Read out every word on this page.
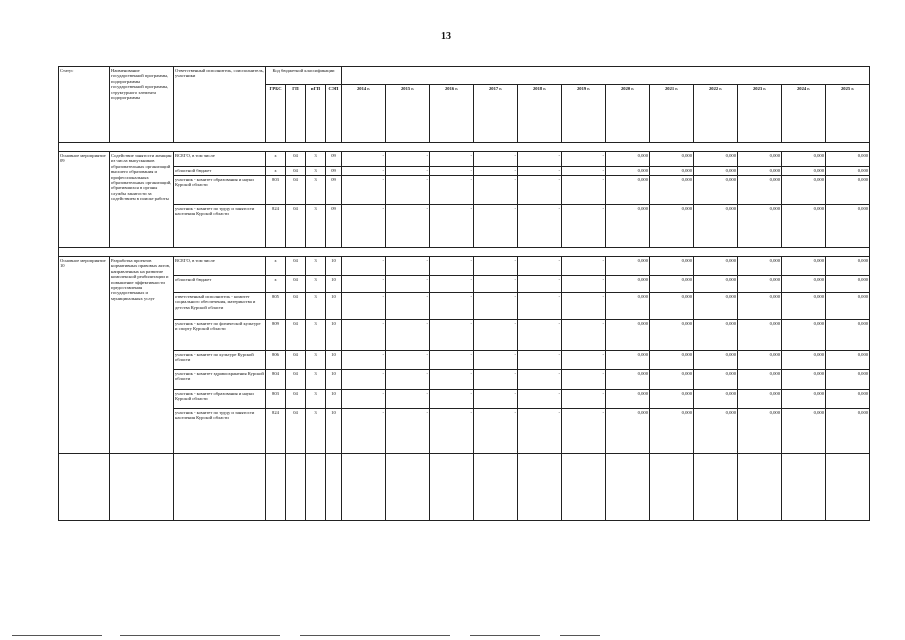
13
Статус	Наименование государственной программы, подпрограммы государственной программы, структурного элемента подпрограммы	Ответственный исполнитель, соисполнитель, участники	Код бюджетной классификации															
			ГРБС	ГП	пГП	СЭП	2014 г.	2015 г.	2016 г.	2017 г.	2018 г.	2019 г.	2020 г.	2021 г.	2022 г.	2023 г.	2024 г.	2025 г.

Основное мероприятие 09	Содействие занятости женщин из числа выпускников образовательных организаций высшего образования и профессиональных образовательных организаций, обратившихся в органы службы занятости за содействием в поиске работы	ВСЕГО, в том числе	х	04	3	09	-	-	-	-	-	-	0,000	0,000	0,000	0,000	0,000	0,000
		областной бюджет	х	04	3	09	-	-	-	-	-	-	0,000	0,000	0,000	0,000	0,000	0,000
		участник - комитет образования и науки Курской области	803	04	3	09	-	-	-	-	-	-	0,000	0,000	0,000	0,000	0,000	0,000
		участник - комитет по труду и занятости населения Курской области	824	04	3	09	-	-	-	-	-	-	0,000	0,000	0,000	0,000	0,000	0,000

Основное мероприятие 10	Разработка проектов нормативных правовых актов, направленных на развитие комплексной реабилитации и повышение эффективности предоставления государственных и муниципальных услуг	ВСЕГО, в том числе	х	04	3	10	-	-	-	-	-	-	0,000	0,000	0,000	0,000	0,000	0,000
		областной бюджет	х	04	3	10	-	-	-	-	-	-	0,000	0,000	0,000	0,000	0,000	0,000
		ответственный исполнитель - комитет социального обеспечения, материнства и детства Курской области	805	04	3	10	-	-	-	-	-	-	0,000	0,000	0,000	0,000	0,000	0,000
		участник - комитет по физической культуре и спорту Курской области	809	04	3	10	-	-	-	-	-	-	0,000	0,000	0,000	0,000	0,000	0,000
		участник - комитет по культуре Курской области	806	04	3	10	-	-	-	-	-	-	0,000	0,000	0,000	0,000	0,000	0,000
		участник - комитет здравоохранения Курской области	804	04	3	10	-	-	-	-	-	-	0,000	0,000	0,000	0,000	0,000	0,000
		участник - комитет образования и науки Курской области	803	04	3	10	-	-	-	-	-	-	0,000	0,000	0,000	0,000	0,000	0,000
		участник - комитет по труду и занятости населения Курской области	824	04	3	10	-	-	-	-	-	-	0,000	0,000	0,000	0,000	0,000	0,000
